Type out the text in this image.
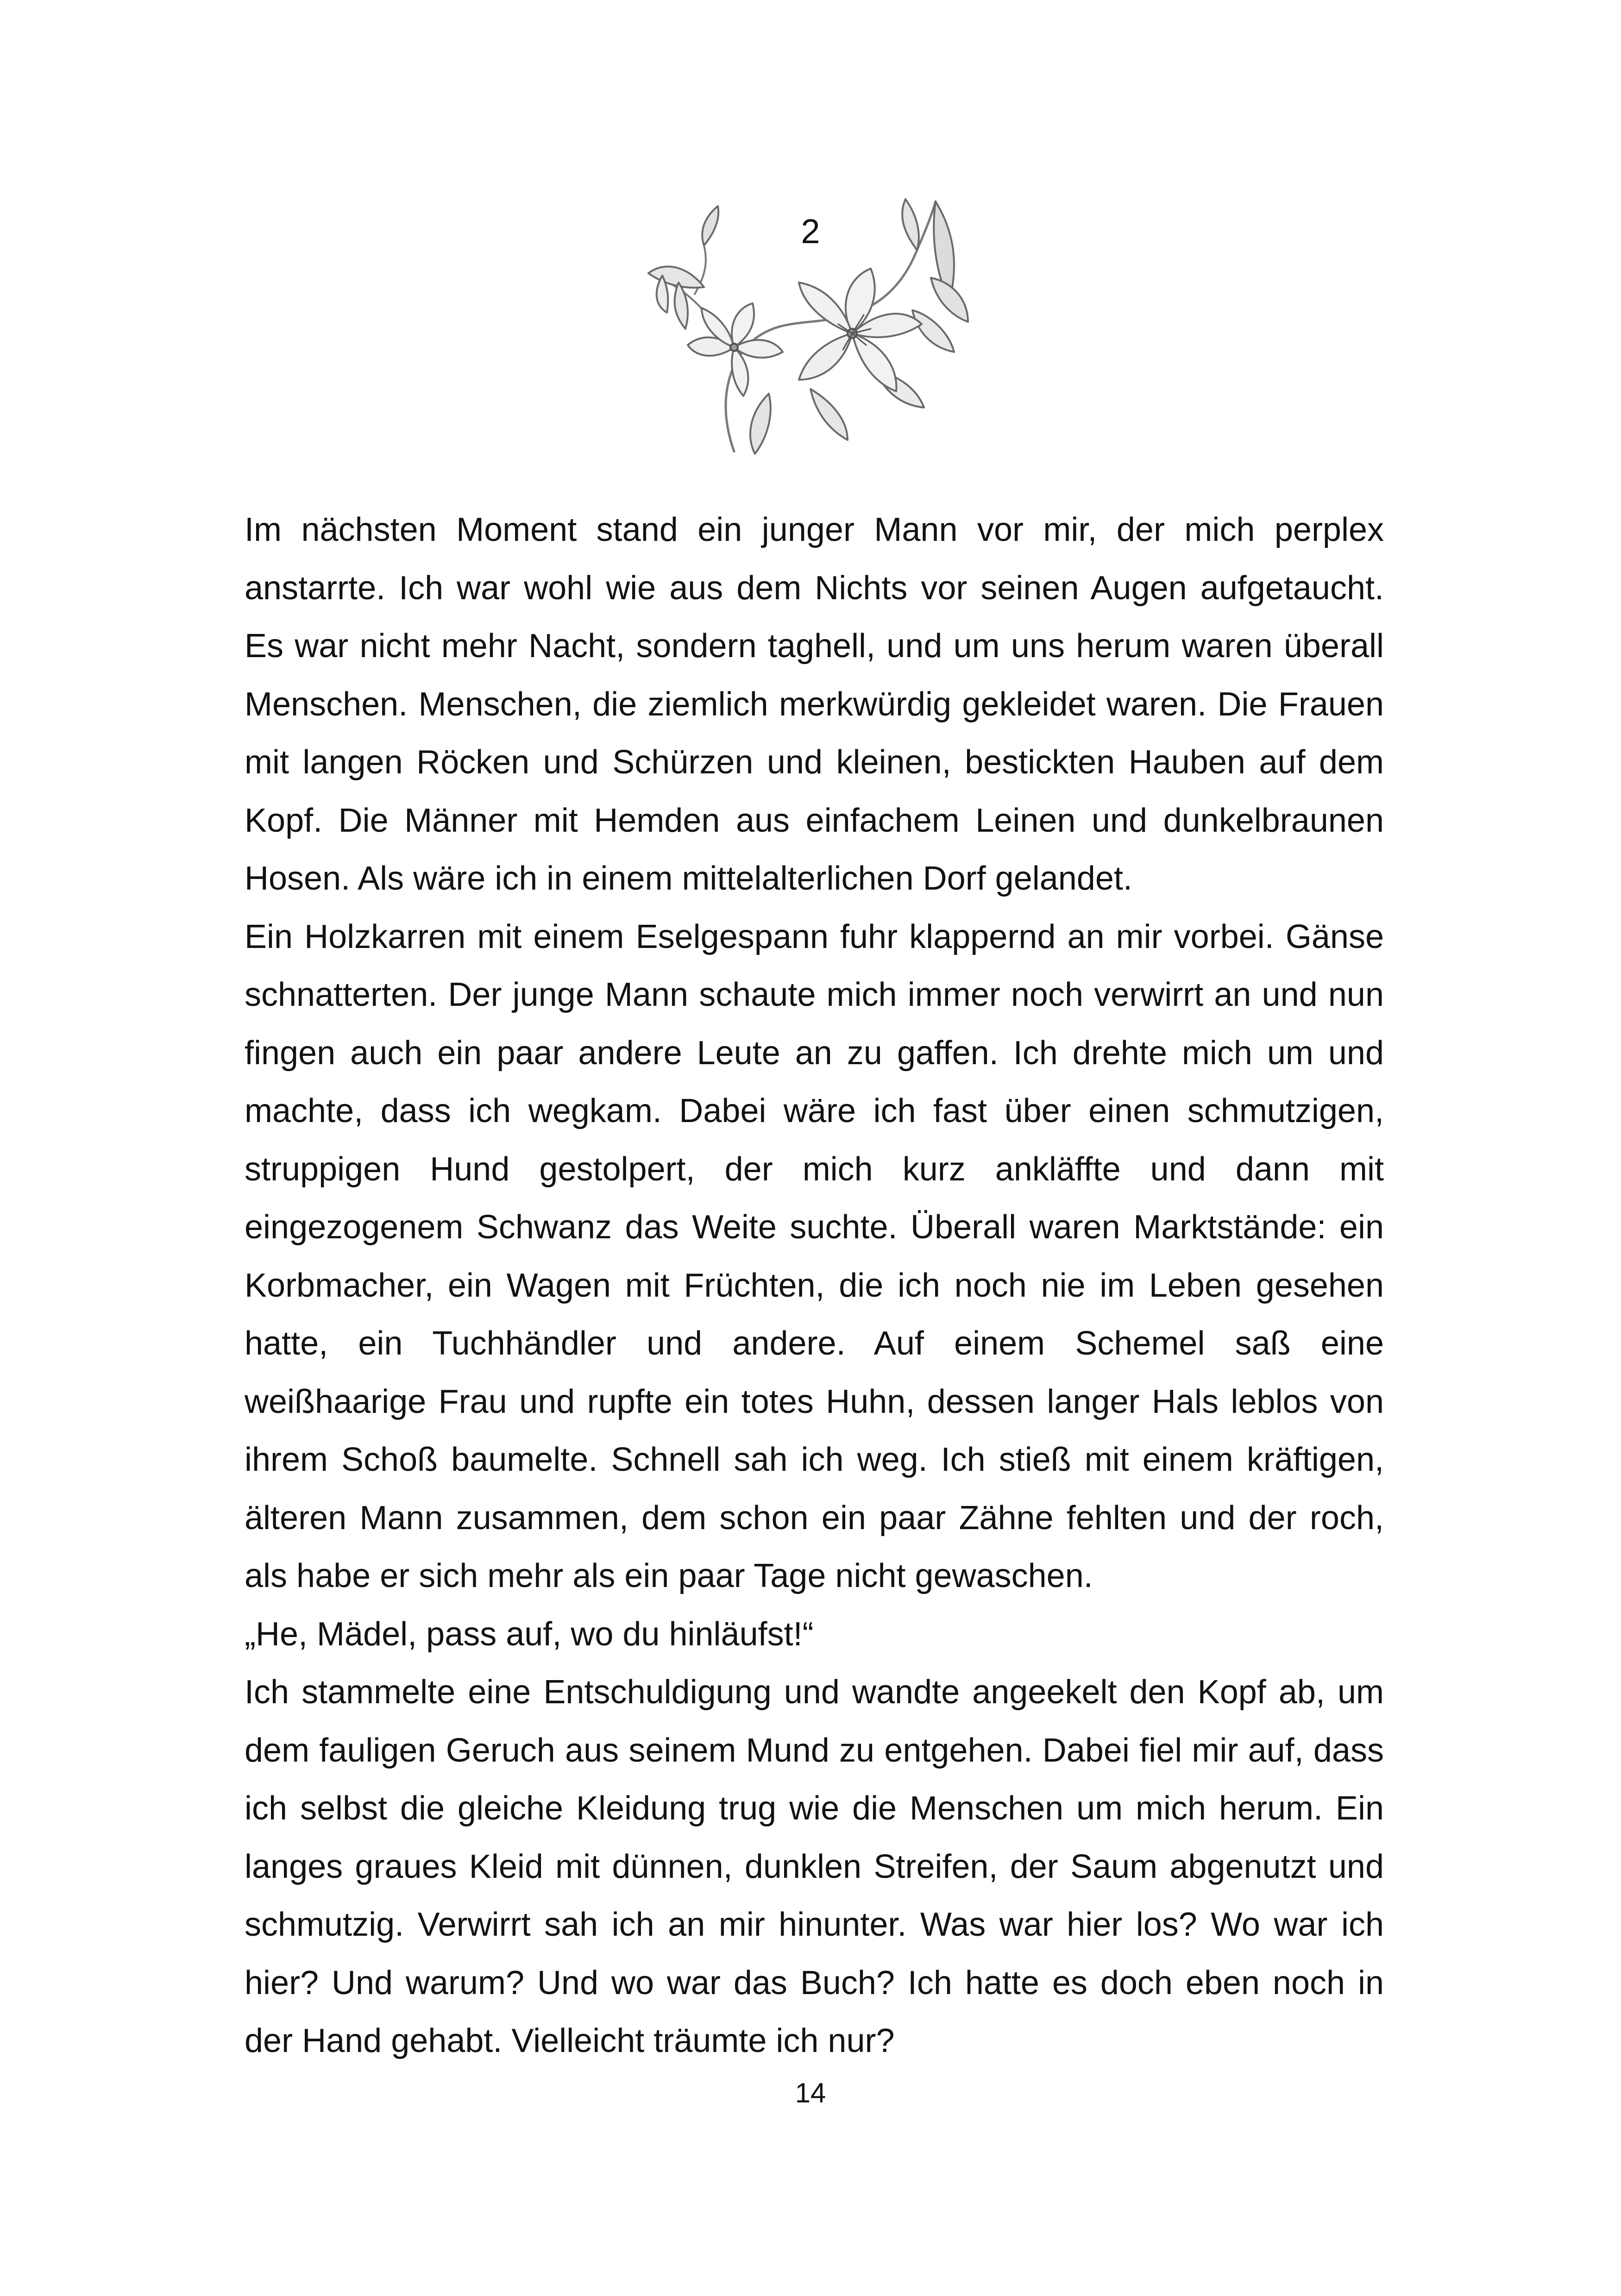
2

Im nächsten Moment stand ein junger Mann vor mir, der mich perplex anstarrte. Ich war wohl wie aus dem Nichts vor seinen Augen aufgetaucht. Es war nicht mehr Nacht, sondern taghell, und um uns herum waren überall Menschen. Menschen, die ziemlich merkwürdig gekleidet waren. Die Frauen mit langen Röcken und Schürzen und kleinen, bestickten Hauben auf dem Kopf. Die Männer mit Hemden aus einfachem Leinen und dunkelbraunen Hosen. Als wäre ich in einem mittelalterlichen Dorf gelandet.

Ein Holzkarren mit einem Eselgespann fuhr klappernd an mir vorbei. Gänse schnatterten. Der junge Mann schaute mich immer noch verwirrt an und nun fingen auch ein paar andere Leute an zu gaffen. Ich drehte mich um und machte, dass ich wegkam. Dabei wäre ich fast über einen schmutzigen, struppigen Hund gestolpert, der mich kurz ankläffte und dann mit eingezogenem Schwanz das Weite suchte. Überall waren Marktstände: ein Korbmacher, ein Wagen mit Früchten, die ich noch nie im Leben gesehen hatte, ein Tuchhändler und andere. Auf einem Schemel saß eine weißhaarige Frau und rupfte ein totes Huhn, dessen langer Hals leblos von ihrem Schoß baumelte. Schnell sah ich weg. Ich stieß mit einem kräftigen, älteren Mann zusammen, dem schon ein paar Zähne fehlten und der roch, als habe er sich mehr als ein paar Tage nicht gewaschen.

„He, Mädel, pass auf, wo du hinläufst!“

Ich stammelte eine Entschuldigung und wandte angeekelt den Kopf ab, um dem fauligen Geruch aus seinem Mund zu entgehen. Dabei fiel mir auf, dass ich selbst die gleiche Kleidung trug wie die Menschen um mich herum. Ein langes graues Kleid mit dünnen, dunklen Streifen, der Saum abgenutzt und schmutzig. Verwirrt sah ich an mir hinunter. Was war hier los? Wo war ich hier? Und warum? Und wo war das Buch? Ich hatte es doch eben noch in der Hand gehabt. Vielleicht träumte ich nur?

14
